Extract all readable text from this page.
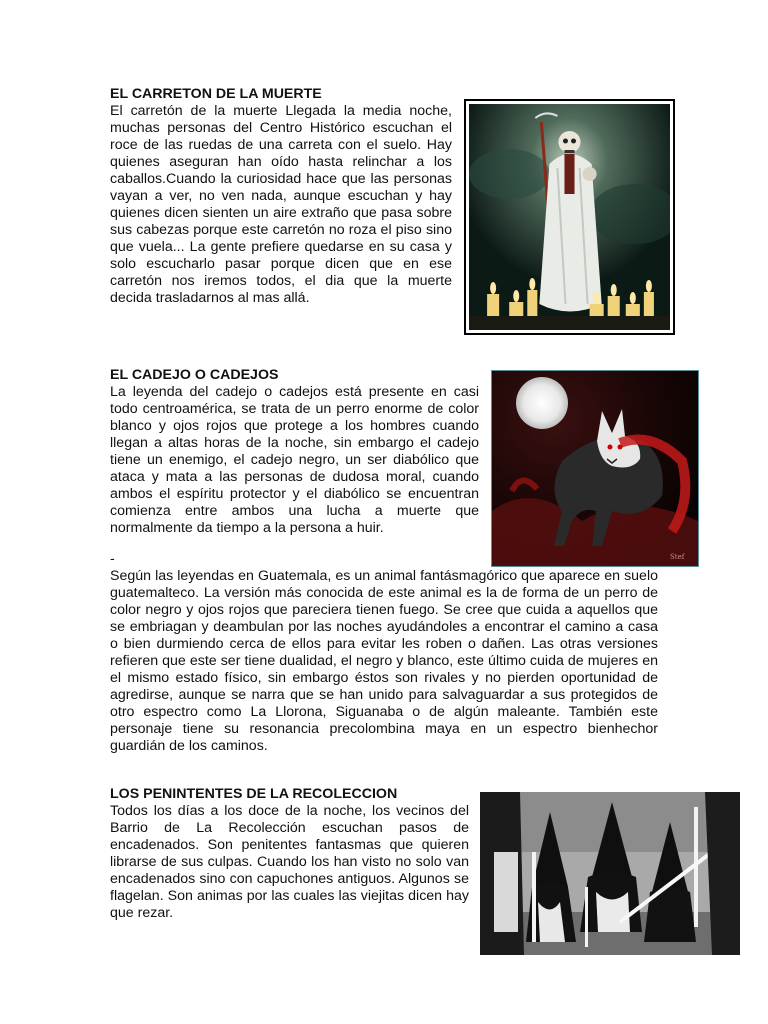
EL CARRETON DE LA MUERTE
El carretón de la muerte Llegada la media noche, muchas personas del Centro Histórico escuchan el roce de las ruedas de una carreta con el suelo. Hay quienes aseguran han oído hasta relinchar a los caballos.Cuando la curiosidad hace que las personas vayan a ver, no ven nada, aunque escuchan y hay quienes dicen sienten un aire extraño que pasa sobre sus cabezas porque este carretón no roza el piso sino que vuela... La gente prefiere quedarse en su casa y solo escucharlo pasar porque dicen que en ese carretón nos iremos todos, el dia que la muerte decida trasladarnos al mas allá.
EL CADEJO O CADEJOS
La leyenda del cadejo o cadejos está presente en casi todo centroamérica, se trata de un perro enorme de color blanco y ojos rojos que protege a los hombres cuando llegan a altas horas de la noche, sin embargo el cadejo tiene un enemigo, el cadejo negro, un ser diabólico que ataca y mata a las personas de dudosa moral, cuando ambos el espíritu protector y el diabólico se encuentran comienza entre ambos una lucha a muerte que normalmente da tiempo a la persona a huir.
Stef
-
Según las leyendas en Guatemala, es un animal fantásmagórico que aparece en suelo guatemalteco. La versión más conocida de este animal es la de forma de un perro de color negro y ojos rojos que pareciera tienen fuego. Se cree que cuida a aquellos que se embriagan y deambulan por las noches ayudándoles a encontrar el camino a casa o bien durmiendo cerca de ellos para evitar les roben o dañen. Las otras versiones refieren que este ser tiene dualidad, el negro y blanco, este último cuida de mujeres en el mismo estado físico, sin embargo éstos son rivales y no pierden oportunidad de agredirse, aunque se narra que se han unido para salvaguardar a sus protegidos de otro espectro como La Llorona, Siguanaba o de algún maleante. También este personaje tiene su resonancia precolombina maya en un espectro bienhechor guardián de los caminos.
LOS PENINTENTES DE LA RECOLECCION
Todos los días a los doce de la noche, los vecinos del Barrio de La Recolección escuchan pasos de encadenados. Son penitentes fantasmas que quieren librarse de sus culpas. Cuando los han visto no solo van encadenados sino con capuchones antiguos. Algunos se flagelan. Son animas por las cuales las viejitas dicen hay que rezar.
